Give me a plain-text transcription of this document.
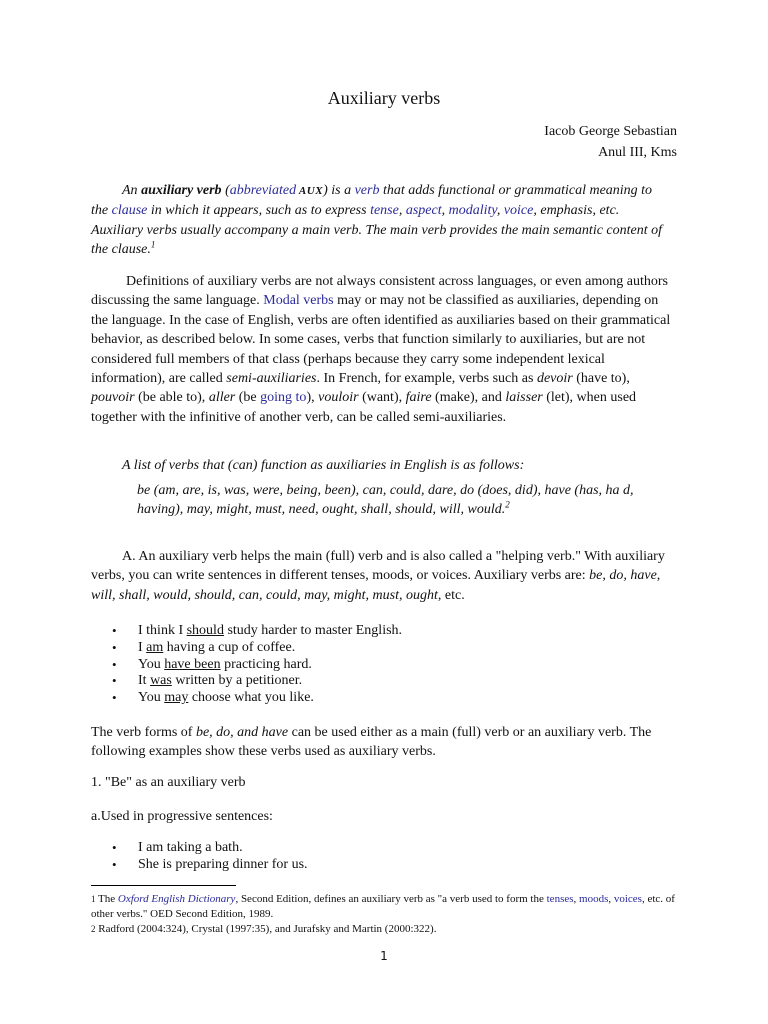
Auxiliary verbs
Iacob George Sebastian
Anul III, Kms

An auxiliary verb (abbreviated AUX) is a verb that adds functional or grammatical meaning to the clause in which it appears, such as to express tense, aspect, modality, voice, emphasis, etc. Auxiliary verbs usually accompany a main verb. The main verb provides the main semantic content of the clause.$^1$

Definitions of auxiliary verbs are not always consistent across languages, or even among authors discussing the same language. Modal verbs may or may not be classified as auxiliaries, depending on the language. In the case of English, verbs are often identified as auxiliaries based on their grammatical behavior, as described below. In some cases, verbs that function similarly to auxiliaries, but are not considered full members of that class (perhaps because they carry some independent lexical information), are called semi-auxiliaries. In French, for example, verbs such as devoir (have to), pouvoir (be able to), aller (be going to), vouloir (want), faire (make), and laisser (let), when used together with the infinitive of another verb, can be called semi-auxiliaries.

A list of verbs that (can) function as auxiliaries in English is as follows:

be (am, are, is, was, were, being, been), can, could, dare, do (does, did), have (has, ha d, having), may, might, must, need, ought, shall, should, will, would.$^2$

A. An auxiliary verb helps the main (full) verb and is also called a "helping verb." With auxiliary verbs, you can write sentences in different tenses, moods, or voices. Auxiliary verbs are: be, do, have, will, shall, would, should, can, could, may, might, must, ought, etc.

• I think I should study harder to master English.
• I am having a cup of coffee.
• You have been practicing hard.
• It was written by a petitioner.
• You may choose what you like.

The verb forms of be, do, and have can be used either as a main (full) verb or an auxiliary verb. The following examples show these verbs used as auxiliary verbs.

1. "Be" as an auxiliary verb

a.Used in progressive sentences:

• I am taking a bath.
• She is preparing dinner for us.
$^1$ The Oxford English Dictionary, Second Edition, defines an auxiliary verb as "a verb used to form the tenses, moods, voices, etc. of other verbs." OED Second Edition, 1989.
$^2$ Radford (2004:324), Crystal (1997:35), and Jurafsky and Martin (2000:322).
1
